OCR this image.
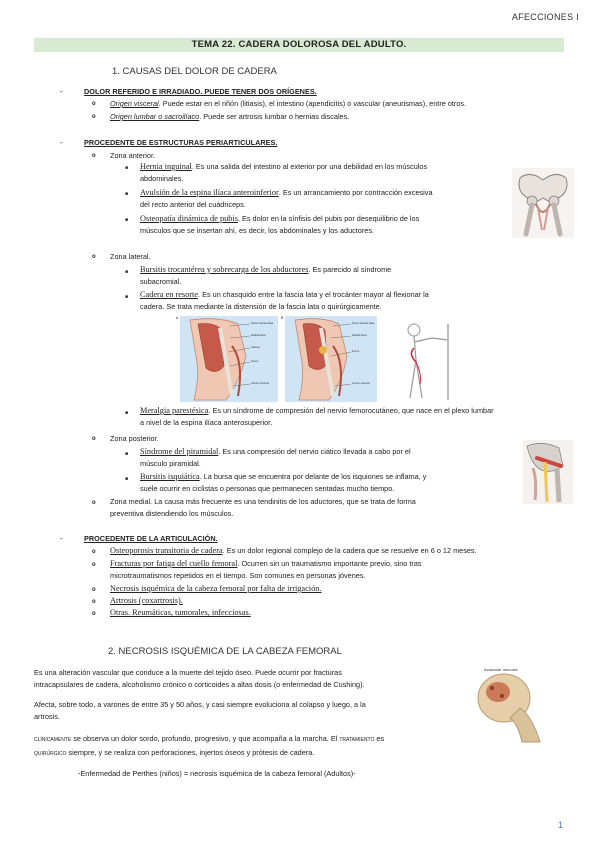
AFECCIONES I
TEMA 22. CADERA DOLOROSA DEL ADULTO.
1. CAUSAS DEL DOLOR DE CADERA
-	DOLOR REFERIDO E IRRADIADO. PUEDE TENER DOS ORÍGENES.
o Origen visceral. Puede estar en el riñón (litiasis), el intestino (apendicitis) o vascular (aneurismas), entre otros.
o Origen lumbar o sacroilíaco. Puede ser artrosis lumbar o hernias discales.
-	PROCEDENTE DE ESTRUCTURAS PERIARTICULARES.
o Zona anterior.
■ Hernia inguinal. Es una salida del intestino al exterior por una debilidad en los músculos
abdominales.
■ Avulsión de la espina ilíaca anteroinferior. Es un arrancamiento por contracción excesiva
del recto anterior del cuádriceps.
■ Osteopatía dinámica de pubis. Es dolor en la sínfisis del pubis por desequilibrio de los
músculos que se insertan ahí, es decir, los abdominales y los aductores.
o Zona lateral.
■ Bursitis trocantérea y sobrecarga de los abductores. Es parecido al síndrome
subacromial.
■ Cadera en resorte. Es un chasquido entre la fascia lata y el trocánter mayor al flexionar la
cadera. Se trata mediante la distensión de la fascia lata o quirúrgicamente.
A
Tensor fasciae latae
Iliotibial band
Gluteus
Femur
Gerdy's tubercle
B
Tensor fasciae latae
Iliotibial band
Femur
Gerdy's tubercle
■ Meralgia parestésica. Es un síndrome de compresión del nervio femorocutáneo, que nace en el plexo lumbar
a nivel de la espina ilíaca anterosuperior.
o Zona posterior.
■ Síndrome del piramidal. Es una compresión del nervio ciático llevada a cabo por el
músculo piramidal.
■ Bursitis isquiática. La bursa que se encuentra por delante de los isquiones se inflama, y
suele ocurrir en ciclistas o personas que permanecen sentadas mucho tiempo.
o Zona medial. La causa más frecuente es una tendinitis de los aductores, que se trata de forma
preventiva distendiendo los músculos.
-	PROCEDENTE DE LA ARTICULACIÓN.
o Osteoporosis transitoria de cadera. Es un dolor regional complejo de la cadera que se resuelve en 6 o 12 meses.
o Fracturas por fatiga del cuello femoral. Ocurren sin un traumatismo importante previo, sino tras
microtraumatismos repetidos en el tiempo. Son comunes en personas jóvenes.
o Necrosis isquémica de la cabeza femoral por falta de irrigación.
o Artrosis (coxartrosis).
o Otras. Reumáticas, tumorales, infecciosas.
2. NECROSIS ISQUÉMICA DE LA CABEZA FEMORAL
Es una alteración vascular que conduce a la muerte del tejido óseo. Puede ocurrir por fracturas
intracapsulares de cadera, alcoholismo crónico o corticoides a altas dosis (o enfermedad de Cushing).
Afecta, sobre todo, a varones de entre 35 y 50 años, y casi siempre evoluciona al colapso y luego, a la
artrosis.
CLÍNICAMENTE se observa un dolor sordo, profundo, progresivo, y que acompaña a la marcha. El TRATAMIENTO es
QUIRÚRGICO siempre, y se realiza con perforaciones, injertos óseos y prótesis de cadera.
-Enfermedad de Perthes (niños) = necrosis isquémica de la cabeza femoral (Adultos)-
Avascular necrosis
1
